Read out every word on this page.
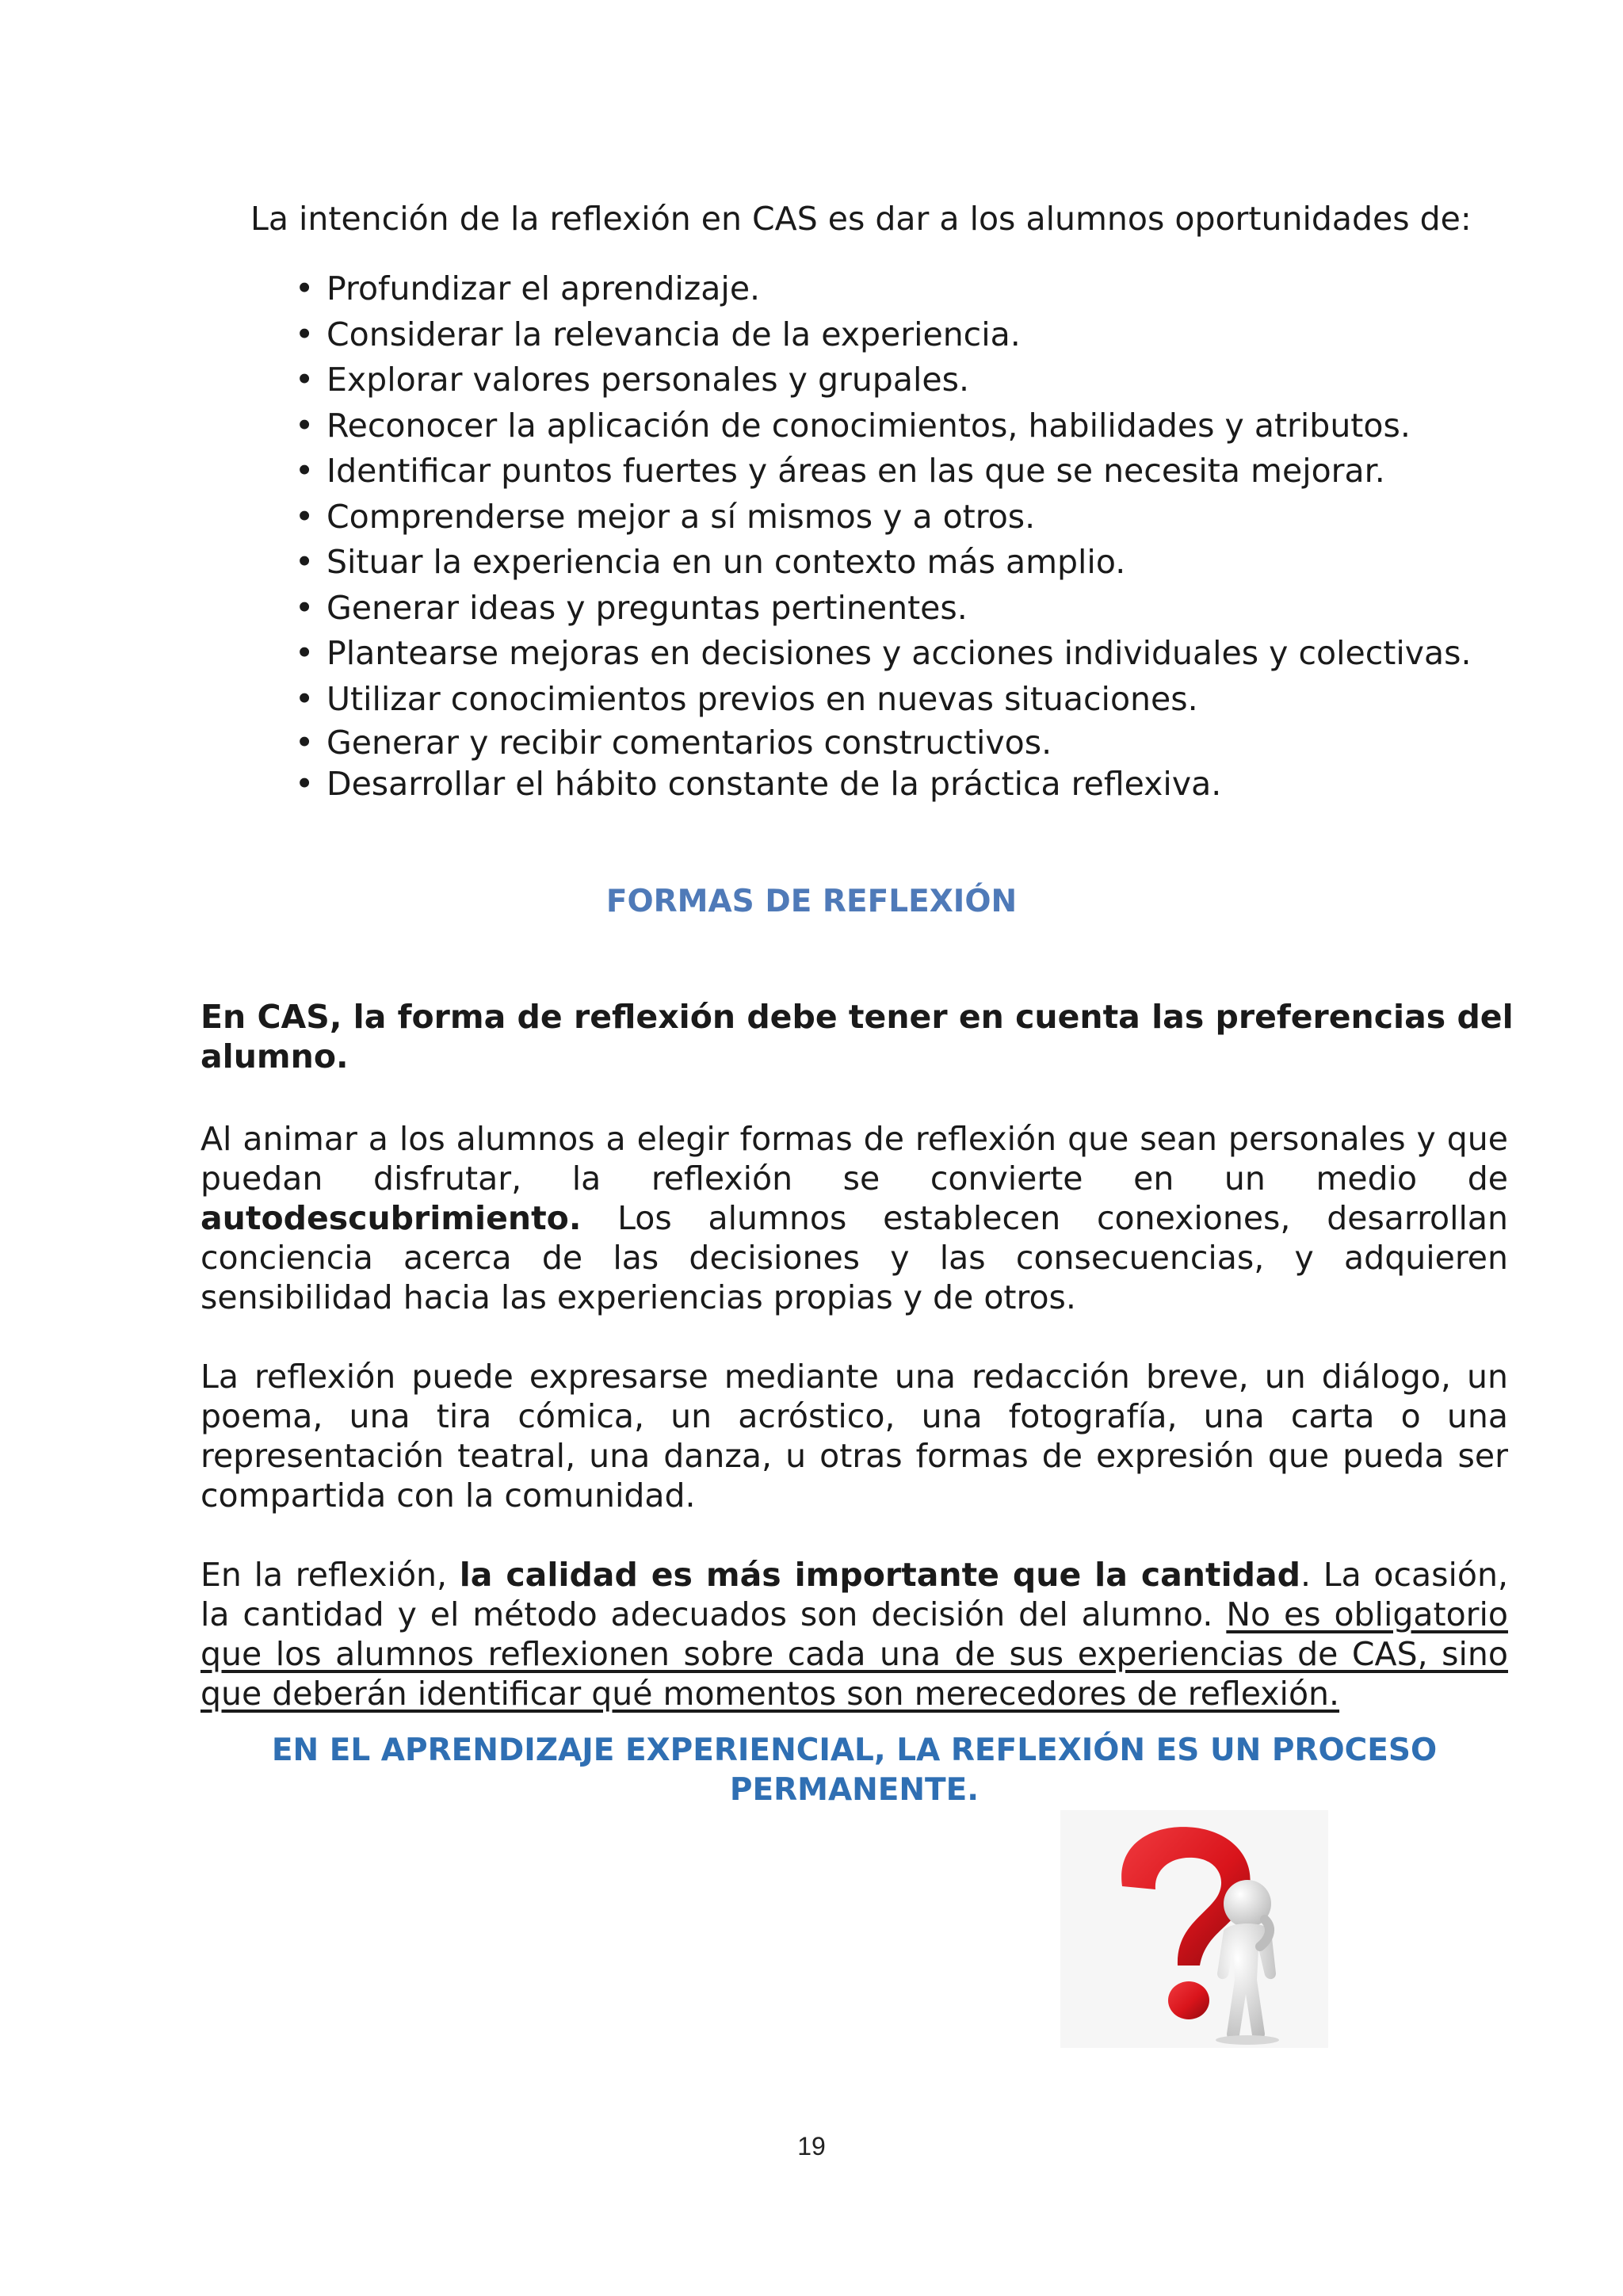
La intención de la reflexión en CAS es dar a los alumnos oportunidades de:

• Profundizar el aprendizaje.
• Considerar la relevancia de la experiencia.
• Explorar valores personales y grupales.
• Reconocer la aplicación de conocimientos, habilidades y atributos.
• Identificar puntos fuertes y áreas en las que se necesita mejorar.
• Comprenderse mejor a sí mismos y a otros.
• Situar la experiencia en un contexto más amplio.
• Generar ideas y preguntas pertinentes.
• Plantearse mejoras en decisiones y acciones individuales y colectivas.
• Utilizar conocimientos previos en nuevas situaciones.
• Generar y recibir comentarios constructivos.
• Desarrollar el hábito constante de la práctica reflexiva.
FORMAS DE REFLEXIÓN

En CAS, la forma de reflexión debe tener en cuenta las preferencias del alumno.

Al animar a los alumnos a elegir formas de reflexión que sean personales y que puedan disfrutar, la reflexión se convierte en un medio de autodescubrimiento. Los alumnos establecen conexiones, desarrollan conciencia acerca de las decisiones y las consecuencias, y adquieren sensibilidad hacia las experiencias propias y de otros.

La reflexión puede expresarse mediante una redacción breve, un diálogo, un poema, una tira cómica, un acróstico, una fotografía, una carta o una representación teatral, una danza, u otras formas de expresión que pueda ser compartida con la comunidad.

En la reflexión, la calidad es más importante que la cantidad. La ocasión, la cantidad y el método adecuados son decisión del alumno. No es obligatorio que los alumnos reflexionen sobre cada una de sus experiencias de CAS, sino que deberán identificar qué momentos son merecedores de reflexión.

EN EL APRENDIZAJE EXPERIENCIAL, LA REFLEXIÓN ES UN PROCESO PERMANENTE.
19
